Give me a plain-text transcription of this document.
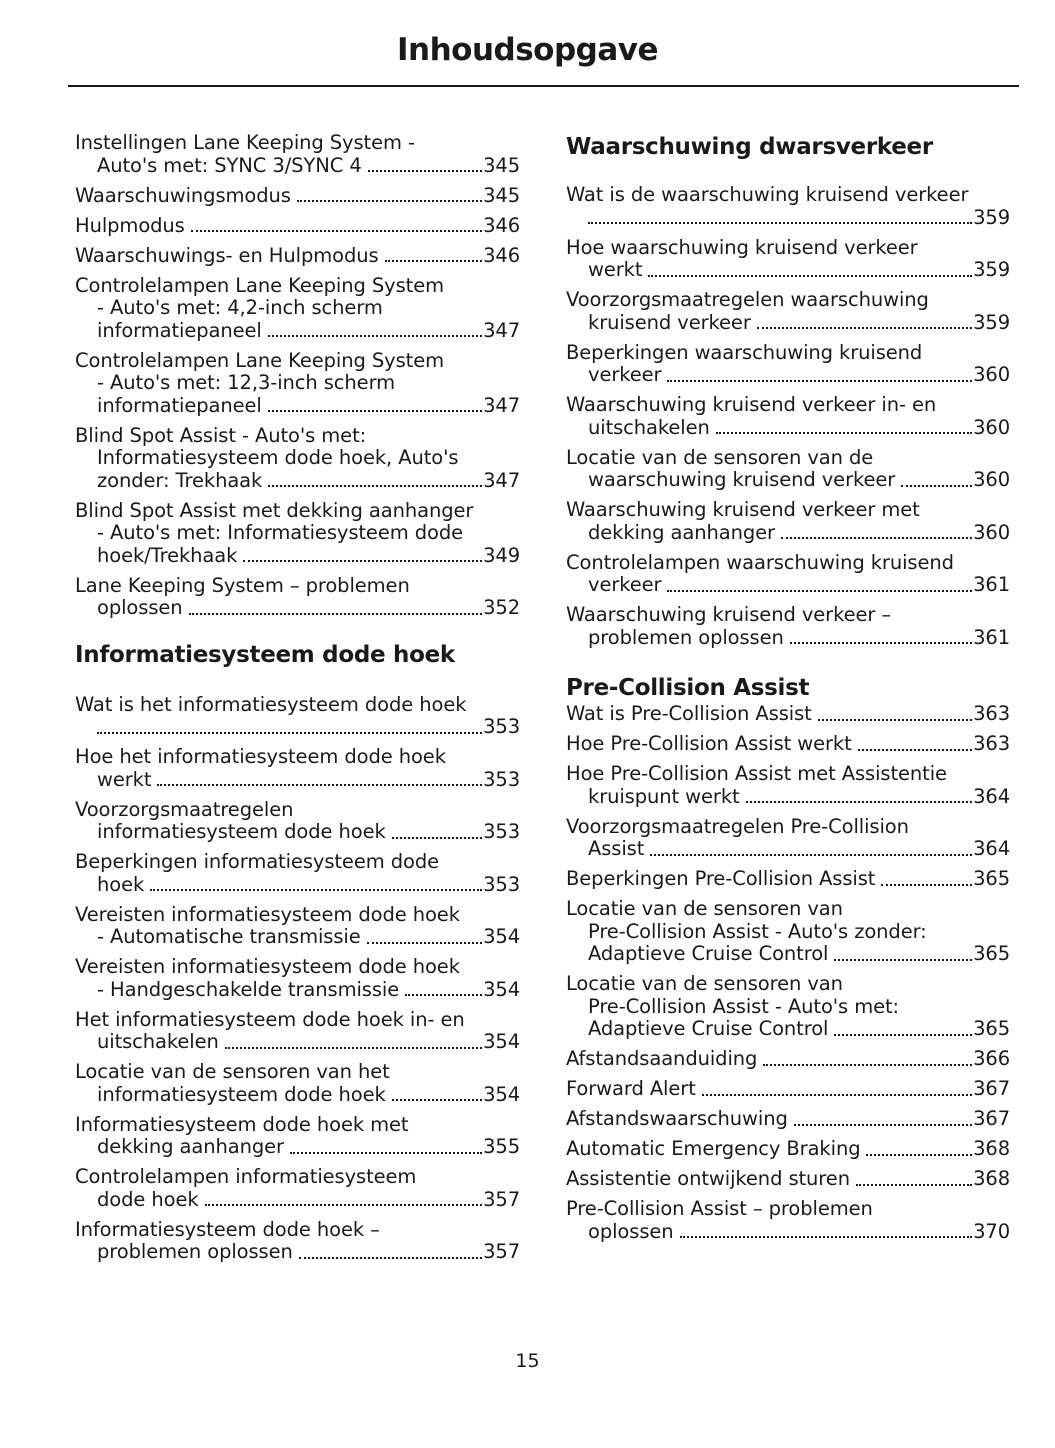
Inhoudsopgave
Instellingen Lane Keeping System -
Auto's met: SYNC 3/SYNC 4	345
Waarschuwingsmodus	345
Hulpmodus	346
Waarschuwings- en Hulpmodus	346
Controlelampen Lane Keeping System
- Auto's met: 4,2-inch scherm
informatiepaneel	347
Controlelampen Lane Keeping System
- Auto's met: 12,3-inch scherm
informatiepaneel	347
Blind Spot Assist - Auto's met:
Informatiesysteem dode hoek, Auto's
zonder: Trekhaak	347
Blind Spot Assist met dekking aanhanger
- Auto's met: Informatiesysteem dode
hoek/Trekhaak	349
Lane Keeping System – problemen
oplossen	352
Informatiesysteem dode hoek
Wat is het informatiesysteem dode hoek
353
Hoe het informatiesysteem dode hoek
werkt	353
Voorzorgsmaatregelen
informatiesysteem dode hoek	353
Beperkingen informatiesysteem dode
hoek	353
Vereisten informatiesysteem dode hoek
- Automatische transmissie	354
Vereisten informatiesysteem dode hoek
- Handgeschakelde transmissie	354
Het informatiesysteem dode hoek in- en
uitschakelen	354
Locatie van de sensoren van het
informatiesysteem dode hoek	354
Informatiesysteem dode hoek met
dekking aanhanger	355
Controlelampen informatiesysteem
dode hoek	357
Informatiesysteem dode hoek –
problemen oplossen	357
Waarschuwing dwarsverkeer
Wat is de waarschuwing kruisend verkeer
359
Hoe waarschuwing kruisend verkeer
werkt	359
Voorzorgsmaatregelen waarschuwing
kruisend verkeer	359
Beperkingen waarschuwing kruisend
verkeer	360
Waarschuwing kruisend verkeer in- en
uitschakelen	360
Locatie van de sensoren van de
waarschuwing kruisend verkeer	360
Waarschuwing kruisend verkeer met
dekking aanhanger	360
Controlelampen waarschuwing kruisend
verkeer	361
Waarschuwing kruisend verkeer –
problemen oplossen	361
Pre-Collision Assist
Wat is Pre-Collision Assist	363
Hoe Pre-Collision Assist werkt	363
Hoe Pre-Collision Assist met Assistentie
kruispunt werkt	364
Voorzorgsmaatregelen Pre-Collision
Assist	364
Beperkingen Pre-Collision Assist	365
Locatie van de sensoren van
Pre-Collision Assist - Auto's zonder:
Adaptieve Cruise Control	365
Locatie van de sensoren van
Pre-Collision Assist - Auto's met:
Adaptieve Cruise Control	365
Afstandsaanduiding	366
Forward Alert	367
Afstandswaarschuwing	367
Automatic Emergency Braking	368
Assistentie ontwijkend sturen	368
Pre-Collision Assist – problemen
oplossen	370
15
